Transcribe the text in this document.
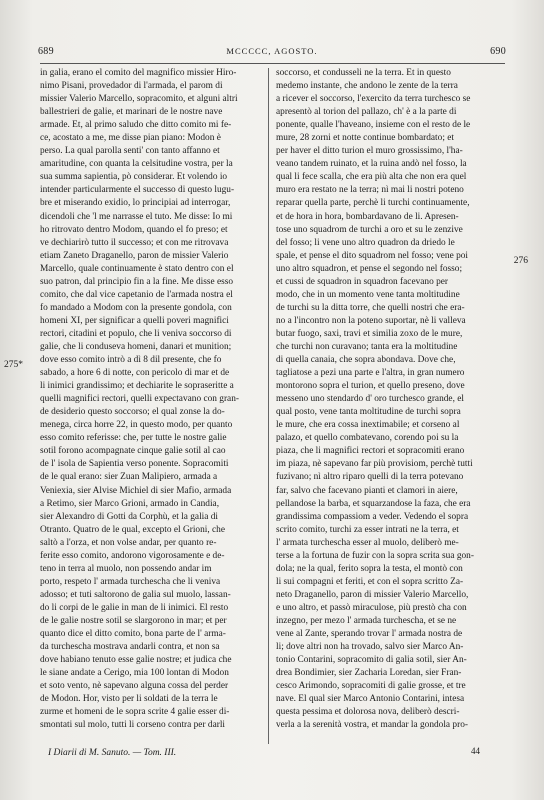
689	MCCCCC, AGOSTO.	690
275*
276
in galia, erano el comito del magnifico missier Hiro-
nimo Pisani, provedador di l'armada, el parom di
missier Valerio Marcello, sopracomito, et alguni altri
ballestrieri de galie, et marinari de le nostre nave
armade. Et, al primo saludo che ditto comito mi fe-
ce, acostato a me, me disse pian piano: Modon è
perso. La qual parolla senti' con tanto affanno et
amaritudine, con quanta la celsitudine vostra, per la
sua summa sapientia, pò considerar. Et volendo io
intender particularmente el successo di questo lugu-
bre et miserando exidio, lo principiai ad interrogar,
dicendoli che 'l me narrasse el tuto. Me disse: Io mi
ho ritrovato dentro Modom, quando el fo preso; et
ve dechiarirò tutto il successo; et con me ritrovava
etiam Zaneto Draganello, paron de missier Valerio
Marcello, quale continuamente è stato dentro con el
suo patron, dal principio fin a la fine. Me disse esso
comito, che dal vice capetanio de l'armada nostra el
fo mandado a Modom con la presente gondola, con
homeni XI, per significar a quelli poveri magnifici
rectori, citadini et populo, che li veniva soccorso di
galie, che li conduseva homeni, danari et munition;
dove esso comito intrò a dì 8 dil presente, che fo
sabado, a hore 6 di notte, con pericolo di mar et de
li inimici grandissimo; et dechiarite le sopraseritte a
quelli magnifici rectori, quelli expectavano con gran-
de desiderio questo soccorso; el qual zonse la do-
menega, circa horre 22, in questo modo, per quanto
esso comito referisse: che, per tutte le nostre galie
sotil forono acompagnate cinque galie sotil al cao
de l' isola de Sapientia verso ponente. Sopracomiti
de le qual erano: sier Zuan Malipiero, armada a
Veniexia, sier Alvise Michiel di sier Mafio, armada
a Retimo, sier Marco Grioni, armado in Candia,
sier Alexandro di Gotti da Corphù, et la galia di
Otranto. Quatro de le qual, excepto el Grioni, che
saltò a l'orza, et non volse andar, per quanto re-
ferite esso comito, andorono vigorosamente e de-
teno in terra al muolo, non possendo andar im
porto, respeto l' armada turchescha che li veniva
adosso; et tuti saltorono de galia sul muolo, lassan-
do li corpi de le galie in man de li inimici. El resto
de le galie nostre sotil se slargorono in mar; et per
quanto dice el ditto comito, bona parte de l' arma-
da turchescha mostrava andarli contra, et non sa
dove habiano tenuto esse galie nostre; et judica che
le siane andate a Cerigo, mia 100 lontan di Modon
et soto vento, nè sapevano alguna cossa del perder
de Modon. Hor, visto per li soldati de la terra le
zurme et homeni de le sopra scrite 4 galie esser di-
smontati sul molo, tutti li corseno contra per darli
soccorso, et condusseli ne la terra. Et in questo
medemo instante, che andono le zente de la terra
a ricever el soccorso, l'exercito da terra turchesco se
apresentò al torion del pallazo, ch' è a la parte di
ponente, qualle l'haveano, insieme con el resto de le
mure, 28 zorni et notte continue bombardato; et
per haver el ditto turion el muro grossissimo, l'ha-
veano tandem ruinato, et la ruina andò nel fosso, la
qual li fece scalla, che era più alta che non era quel
muro era restato ne la terra; nì mai li nostri poteno
reparar quella parte, perchè li turchi continuamente,
et de hora in hora, bombardavano de li. Apresen-
tose uno squadrom de turchi a oro et su le zenzive
del fosso; li vene uno altro quadron da driedo le
spale, et pense el dito squadrom nel fosso; vene poi
uno altro squadron, et pense el segondo nel fosso;
et cussi de squadron in squadron facevano per
modo, che in un momento vene tanta moltitudine
de turchi su la ditta torre, che quelli nostri che era-
no a l'incontro non la poteno suportar, nè li valleva
butar fuogo, saxi, travi et similia zoxo de le mure,
che turchi non curavano; tanta era la moltitudine
di quella canaia, che sopra abondava. Dove che,
tagliatose a pezi una parte e l'altra, in gran numero
montorono sopra el turion, et quello preseno, dove
messeno uno stendardo d' oro turchesco grande, el
qual posto, vene tanta moltitudine de turchi sopra
le mure, che era cossa inextimabile; et corseno al
palazo, et quello combatevano, corendo poi su la
piaza, che li magnifici rectori et sopracomiti erano
im piaza, nè sapevano far più provisiom, perchè tutti
fuzivano; nì altro riparo quelli di la terra potevano
far, salvo che facevano pianti et clamori in aiere,
pellandose la barba, et squarzandose la faza, che era
grandissima compassiom a veder. Vedendo el sopra
scrito comito, turchi za esser intrati ne la terra, et
l' armata turchescha esser al muolo, deliberò me-
terse a la fortuna de fuzir con la sopra scrita sua gon-
dola; ne la qual, ferito sopra la testa, el montò con
li sui compagni et feriti, et con el sopra scritto Za-
neto Draganello, paron di missier Valerio Marcello,
e uno altro, et passò miraculose, più prestò cha con
inzegno, per mezo l' armada turchescha, et se ne
vene al Zante, sperando trovar l' armada nostra de
li; dove altri non ha trovado, salvo sier Marco An-
tonio Contarini, sopracomito di galia sotil, sier An-
drea Bondimier, sier Zacharia Loredan, sier Fran-
cesco Arimondo, sopracomiti di galie grosse, et tre
nave. El qual sier Marco Antonio Contarini, intesa
questa pessima et dolorosa nova, deliberò descri-
verla a la serenità vostra, et mandar la gondola pro-
I Diarii di M. Sanuto. — Tom. III.	44
